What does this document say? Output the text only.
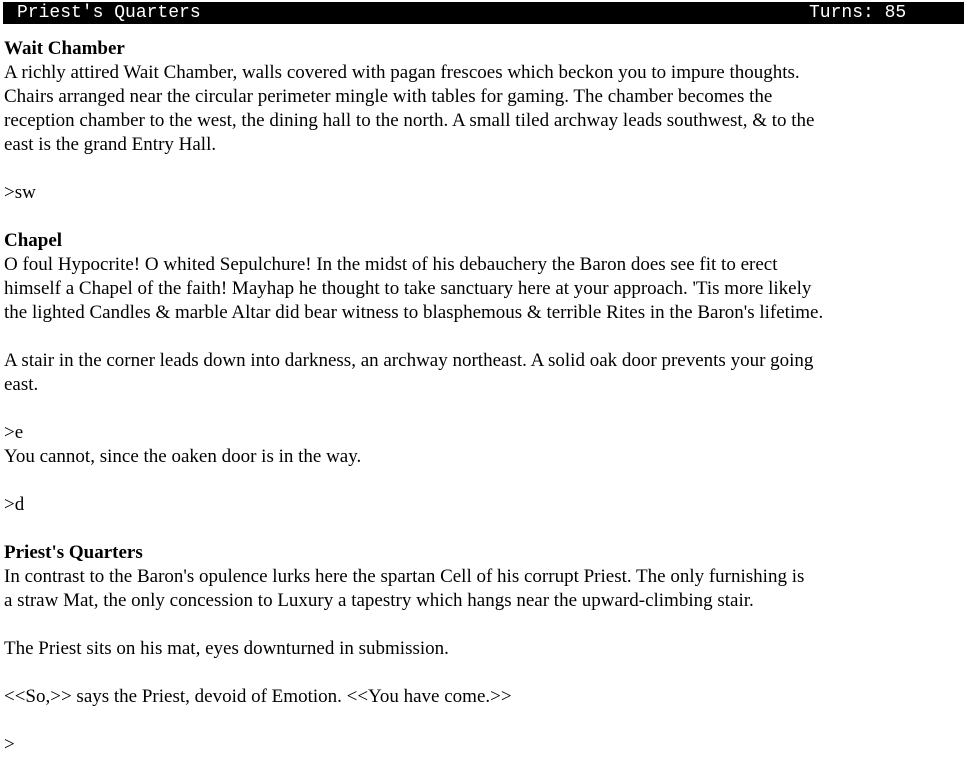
Priest's Quarters	Turns: 85
Wait Chamber
A richly attired Wait Chamber, walls covered with pagan frescoes which beckon you to impure thoughts.
Chairs arranged near the circular perimeter mingle with tables for gaming. The chamber becomes the
reception chamber to the west, the dining hall to the north. A small tiled archway leads southwest, & to the
east is the grand Entry Hall.
>sw
Chapel
O foul Hypocrite! O whited Sepulchure! In the midst of his debauchery the Baron does see fit to erect
himself a Chapel of the faith! Mayhap he thought to take sanctuary here at your approach. 'Tis more likely
the lighted Candles & marble Altar did bear witness to blasphemous & terrible Rites in the Baron's lifetime.
A stair in the corner leads down into darkness, an archway northeast. A solid oak door prevents your going
east.
>e
You cannot, since the oaken door is in the way.
>d
Priest's Quarters
In contrast to the Baron's opulence lurks here the spartan Cell of his corrupt Priest. The only furnishing is
a straw Mat, the only concession to Luxury a tapestry which hangs near the upward-climbing stair.
The Priest sits on his mat, eyes downturned in submission.
<<So,>> says the Priest, devoid of Emotion. <<You have come.>>
>
